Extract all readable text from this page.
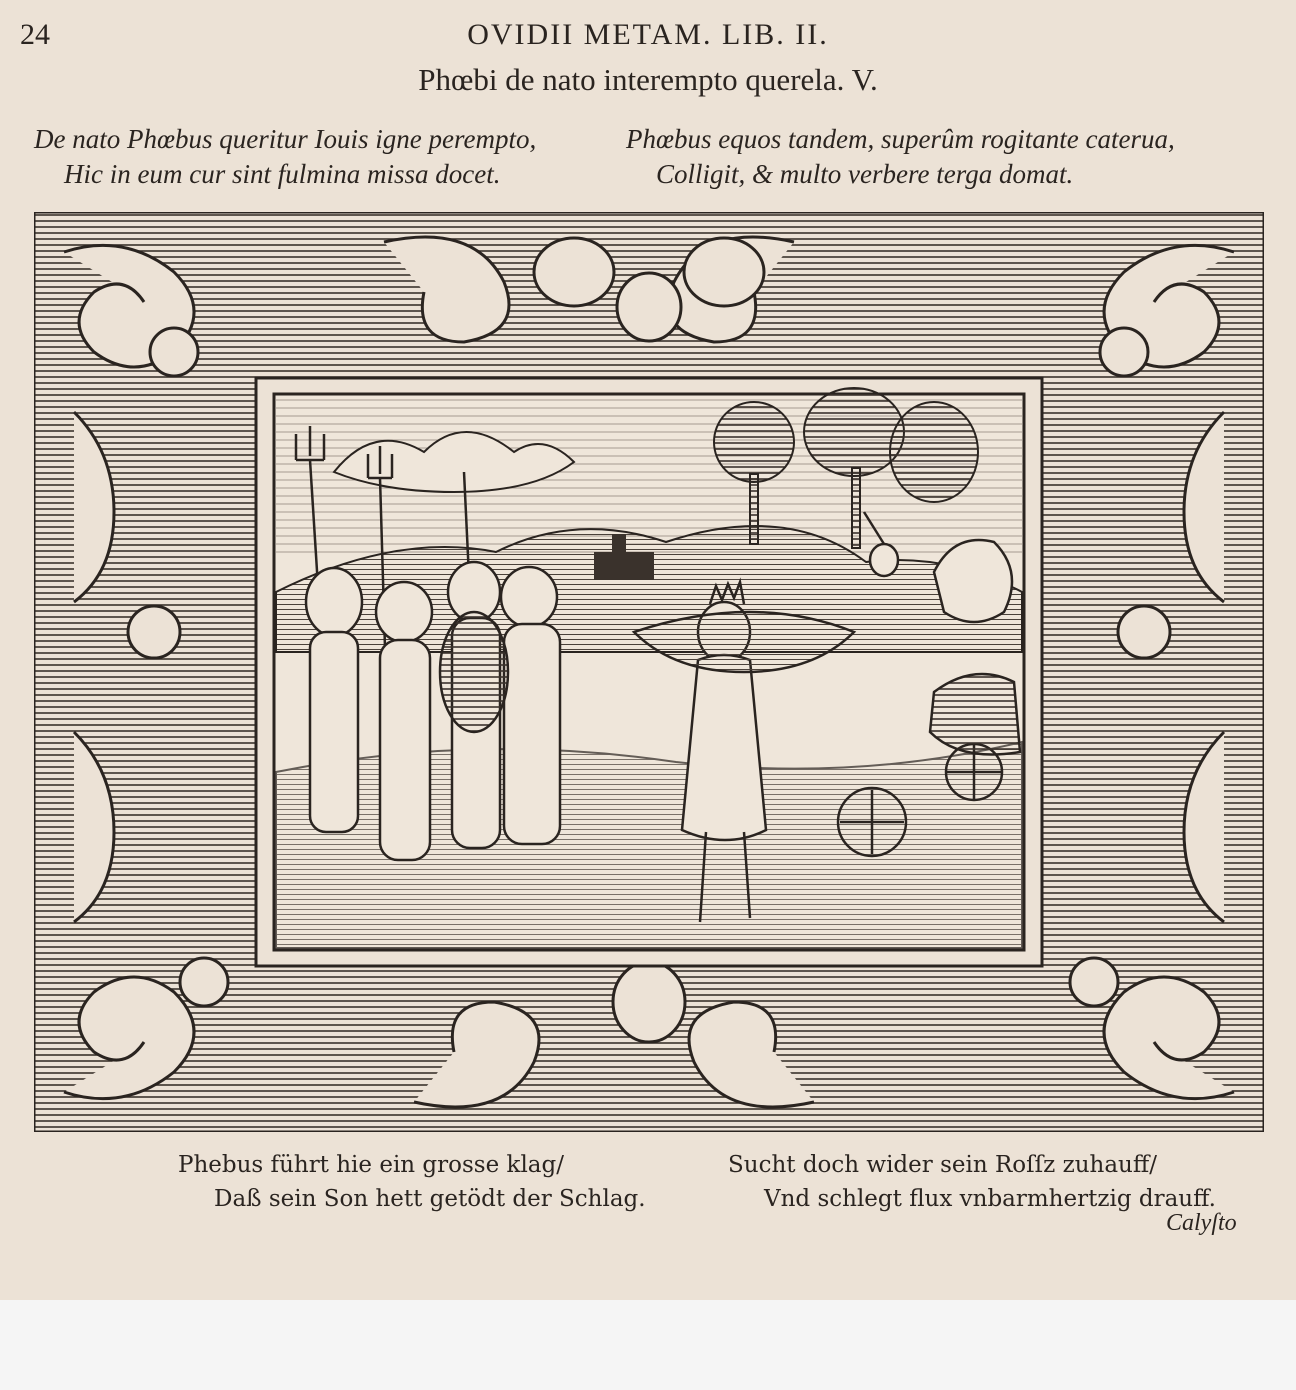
24	OVIDII METAM. LIB. II.
Phœbi de nato interempto querela. V.
De nato Phœbus queritur Iouis igne perempto,
Hic in eum cur sint fulmina missa docet.
Phœbus equos tandem, superûm rogitante caterua,
Colligit, & multo verbere terga domat.
Phebus führt hie ein grosse klag/
Daß sein Son hett getödt der Schlag.
Sucht doch wider sein Roſſz zuhauff/
Vnd schlegt flux vnbarmhertzig drauff.
Calyſto
